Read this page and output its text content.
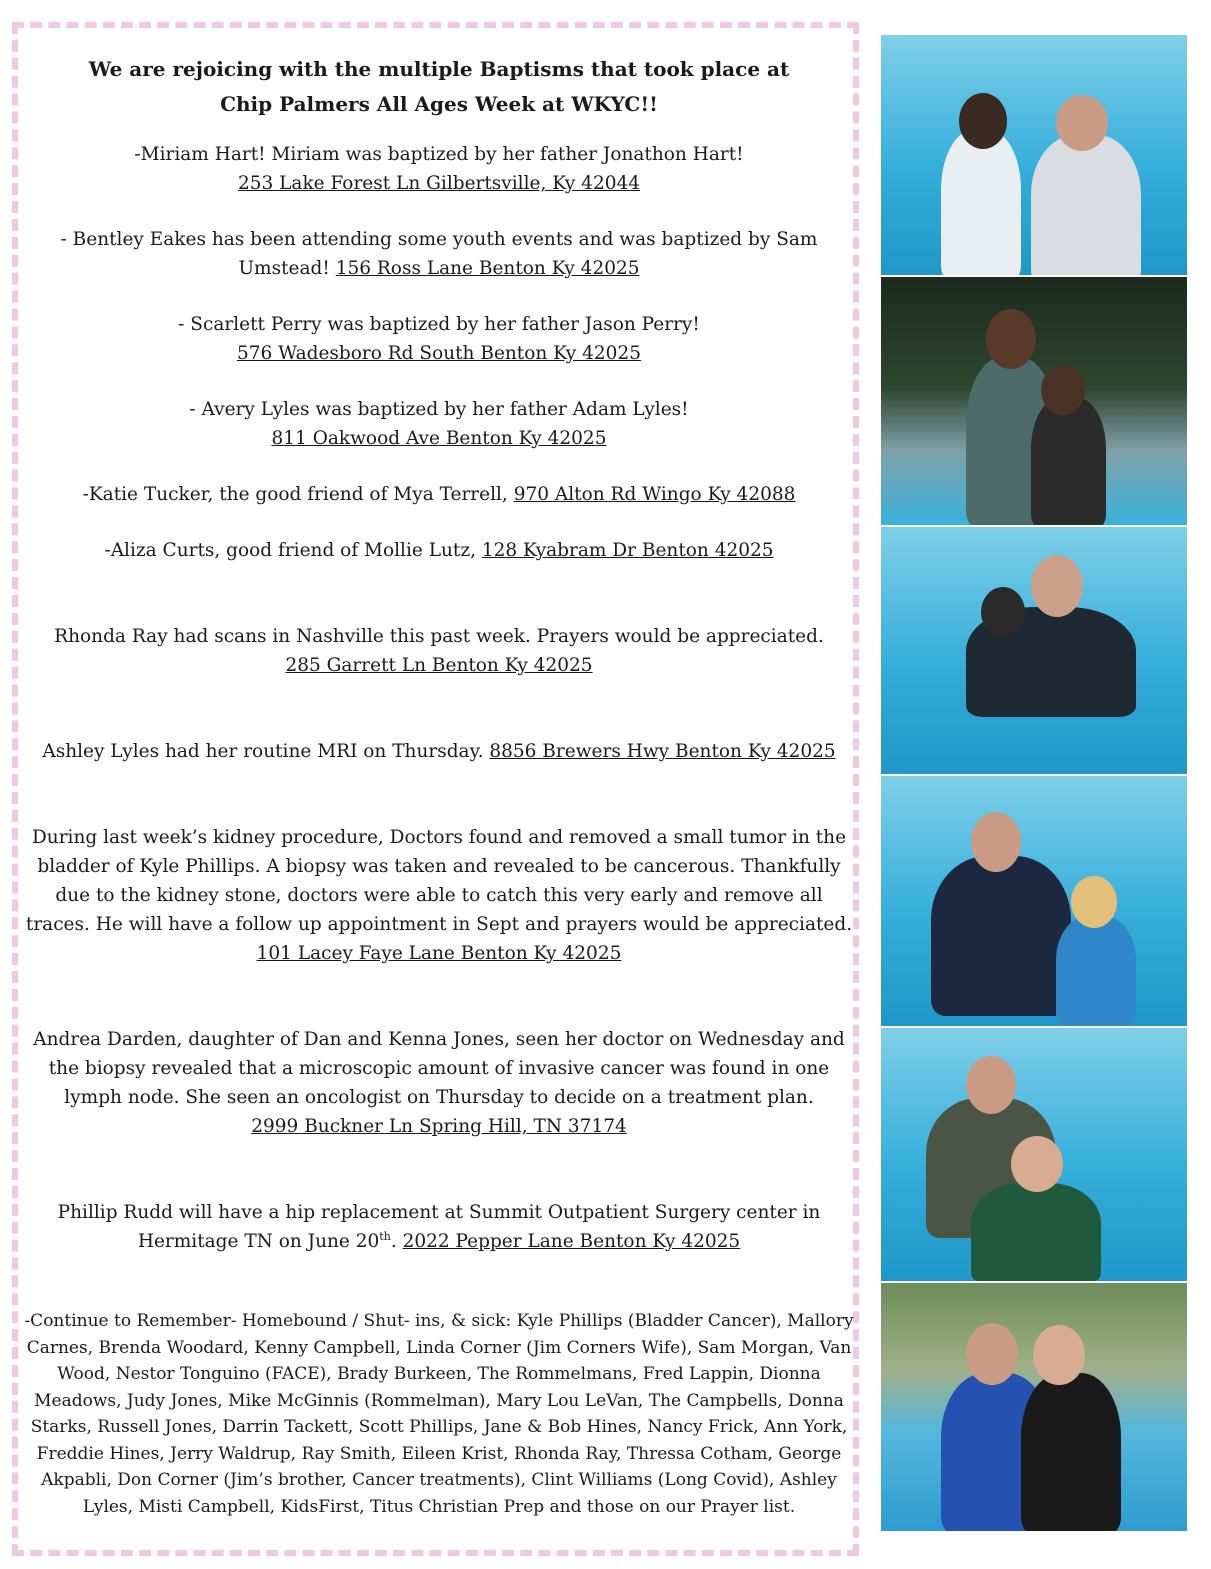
We are rejoicing with the multiple Baptisms that took place at
Chip Palmers All Ages Week at WKYC!!

-Miriam Hart! Miriam was baptized by her father Jonathon Hart!
253 Lake Forest Ln Gilbertsville, Ky 42044

- Bentley Eakes has been attending some youth events and was baptized by Sam Umstead! 156 Ross Lane Benton Ky 42025

- Scarlett Perry was baptized by her father Jason Perry!
576 Wadesboro Rd South Benton Ky 42025

- Avery Lyles was baptized by her father Adam Lyles!
811 Oakwood Ave Benton Ky 42025

-Katie Tucker, the good friend of Mya Terrell, 970 Alton Rd Wingo Ky 42088

-Aliza Curts, good friend of Mollie Lutz, 128 Kyabram Dr Benton 42025

Rhonda Ray had scans in Nashville this past week. Prayers would be appreciated.
285 Garrett Ln Benton Ky 42025

Ashley Lyles had her routine MRI on Thursday. 8856 Brewers Hwy Benton Ky 42025

During last week’s kidney procedure, Doctors found and removed a small tumor in the bladder of Kyle Phillips. A biopsy was taken and revealed to be cancerous. Thankfully due to the kidney stone, doctors were able to catch this very early and remove all traces. He will have a follow up appointment in Sept and prayers would be appreciated. 101 Lacey Faye Lane Benton Ky 42025

Andrea Darden, daughter of Dan and Kenna Jones, seen her doctor on Wednesday and the biopsy revealed that a microscopic amount of invasive cancer was found in one lymph node. She seen an oncologist on Thursday to decide on a treatment plan.
2999 Buckner Ln Spring Hill, TN 37174

Phillip Rudd will have a hip replacement at Summit Outpatient Surgery center in Hermitage TN on June 20th. 2022 Pepper Lane Benton Ky 42025

-Continue to Remember- Homebound / Shut- ins, & sick: Kyle Phillips (Bladder Cancer), Mallory Carnes, Brenda Woodard, Kenny Campbell, Linda Corner (Jim Corners Wife), Sam Morgan, Van Wood, Nestor Tonguino (FACE), Brady Burkeen, The Rommelmans, Fred Lappin, Dionna Meadows, Judy Jones, Mike McGinnis (Rommelman), Mary Lou LeVan, The Campbells, Donna Starks, Russell Jones, Darrin Tackett, Scott Phillips, Jane & Bob Hines, Nancy Frick, Ann York, Freddie Hines, Jerry Waldrup, Ray Smith, Eileen Krist, Rhonda Ray, Thressa Cotham, George Akpabli, Don Corner (Jim’s brother, Cancer treatments), Clint Williams (Long Covid), Ashley Lyles, Misti Campbell, KidsFirst, Titus Christian Prep and those on our Prayer list.
